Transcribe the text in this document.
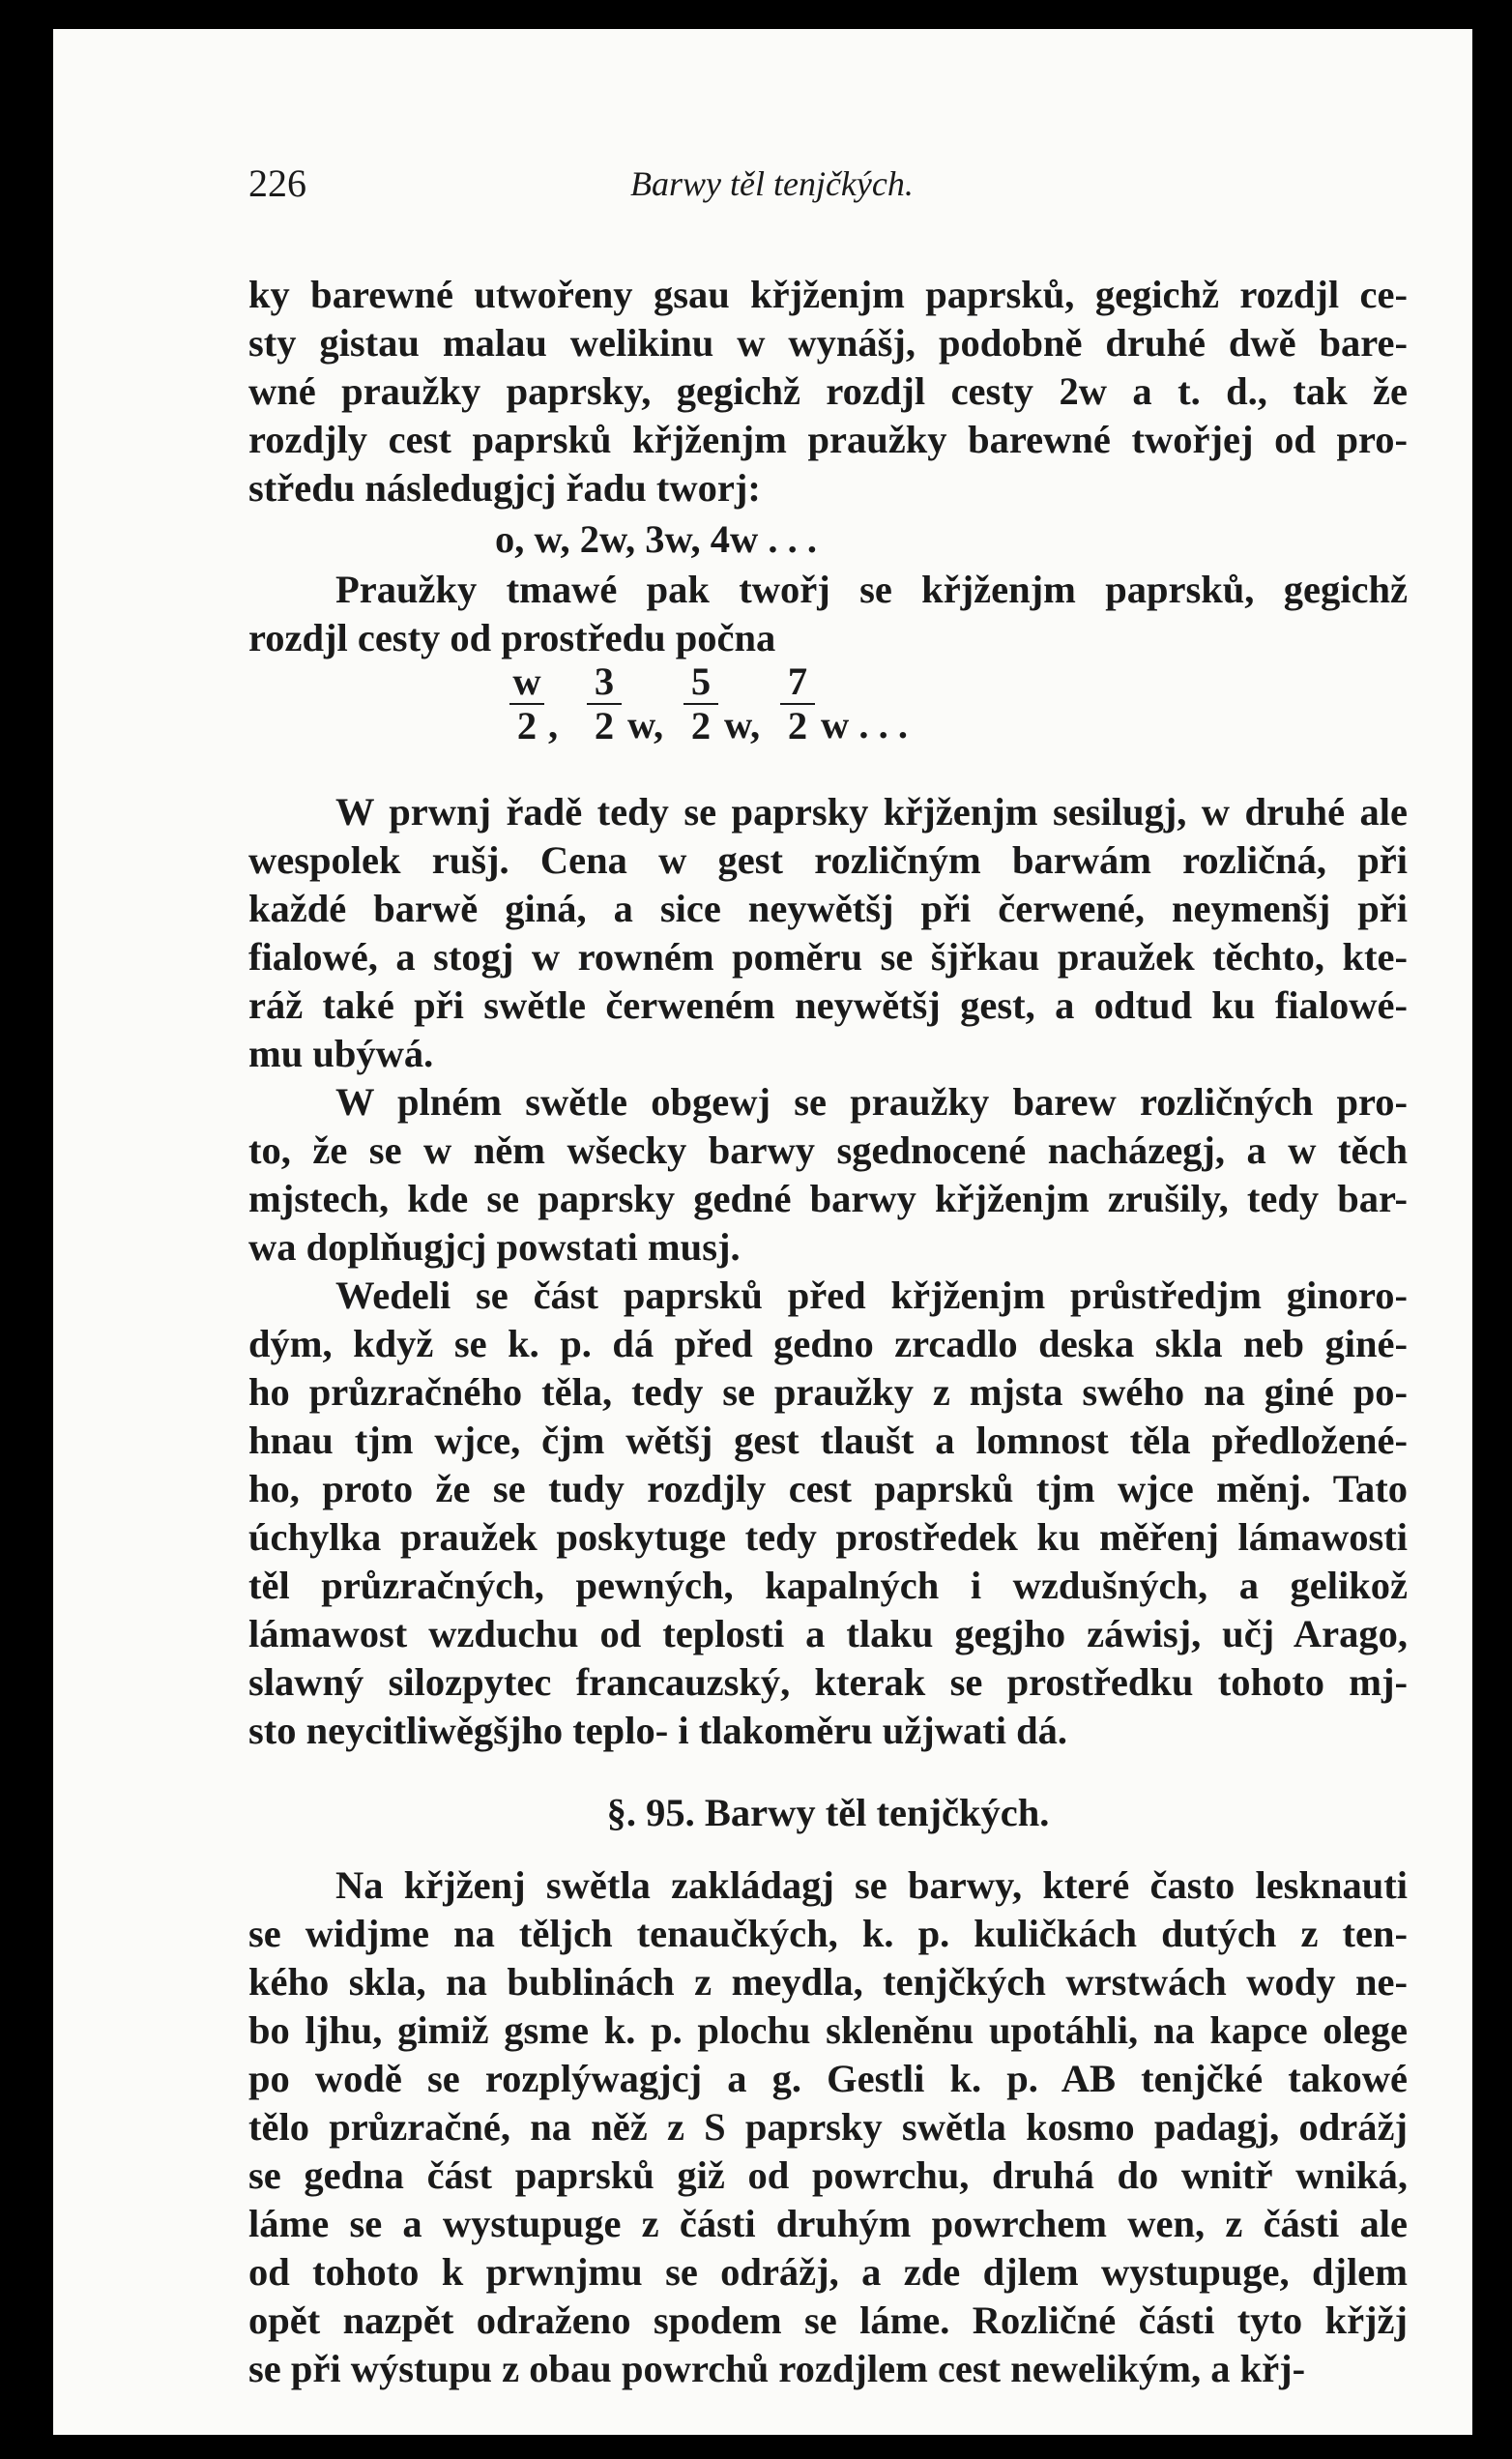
226	Barwy těl tenjčkých.
ky barewné utwořeny gsau křjženjm paprsků, gegichž rozdjl ce-
sty gistau malau welikinu w wynášj, podobně druhé dwě bare-
wné praužky paprsky, gegichž rozdjl cesty 2w a t. d., tak že
rozdjly cest paprsků křjženjm praužky barewné twořjej od pro-
středu následugjcj řadu tworj:
o, w, 2w, 3w, 4w . . .
Praužky tmawé pak twořj se křjženjm paprsků, gegichž
rozdjl cesty od prostředu počna
w
2 ,
3
2 w,
5
2 w,
7
2 w . . .
W prwnj řadě tedy se paprsky křjženjm sesilugj, w druhé ale
wespolek rušj. Cena w gest rozličným barwám rozličná, při
každé barwě giná, a sice neywětšj při čerwené, neymenšj při
fialowé, a stogj w rowném poměru se šjřkau praužek těchto, kte-
ráž také při swětle čerweném neywětšj gest, a odtud ku fialowé-
mu ubýwá.
W plném swětle obgewj se praužky barew rozličných pro-
to, že se w něm wšecky barwy sgednocené nacházegj, a w těch
mjstech, kde se paprsky gedné barwy křjženjm zrušily, tedy bar-
wa doplňugjcj powstati musj.
Wedeli se část paprsků před křjženjm průstředjm ginoro-
dým, když se k. p. dá před gedno zrcadlo deska skla neb giné-
ho průzračného těla, tedy se praužky z mjsta swého na giné po-
hnau tjm wjce, čjm wětšj gest tlaušt a lomnost těla předložené-
ho, proto že se tudy rozdjly cest paprsků tjm wjce měnj. Tato
úchylka praužek poskytuge tedy prostředek ku měřenj lámawosti
těl průzračných, pewných, kapalných i wzdušných, a gelikož
lámawost wzduchu od teplosti a tlaku gegjho záwisj, učj Arago,
slawný silozpytec francauzský, kterak se prostředku tohoto mj-
sto neycitliwěgšjho teplo- i tlakoměru užjwati dá.
§. 95. Barwy těl tenjčkých.
Na křjženj swětla zakládagj se barwy, které často lesknauti
se widjme na těljch tenaučkých, k. p. kuličkách dutých z ten-
kého skla, na bublinách z meydla, tenjčkých wrstwách wody ne-
bo ljhu, gimiž gsme k. p. plochu skleněnu upotáhli, na kapce olege
po wodě se rozplýwagjcj a g. Gestli k. p. AB tenjčké takowé
tělo průzračné, na něž z S paprsky swětla kosmo padagj, odrážj
se gedna část paprsků giž od powrchu, druhá do wnitř wniká,
láme se a wystupuge z části druhým powrchem wen, z části ale
od tohoto k prwnjmu se odrážj, a zde djlem wystupuge, djlem
opět nazpět odraženo spodem se láme. Rozličné části tyto křjžj
se při wýstupu z obau powrchů rozdjlem cest newelikým, a křj-
